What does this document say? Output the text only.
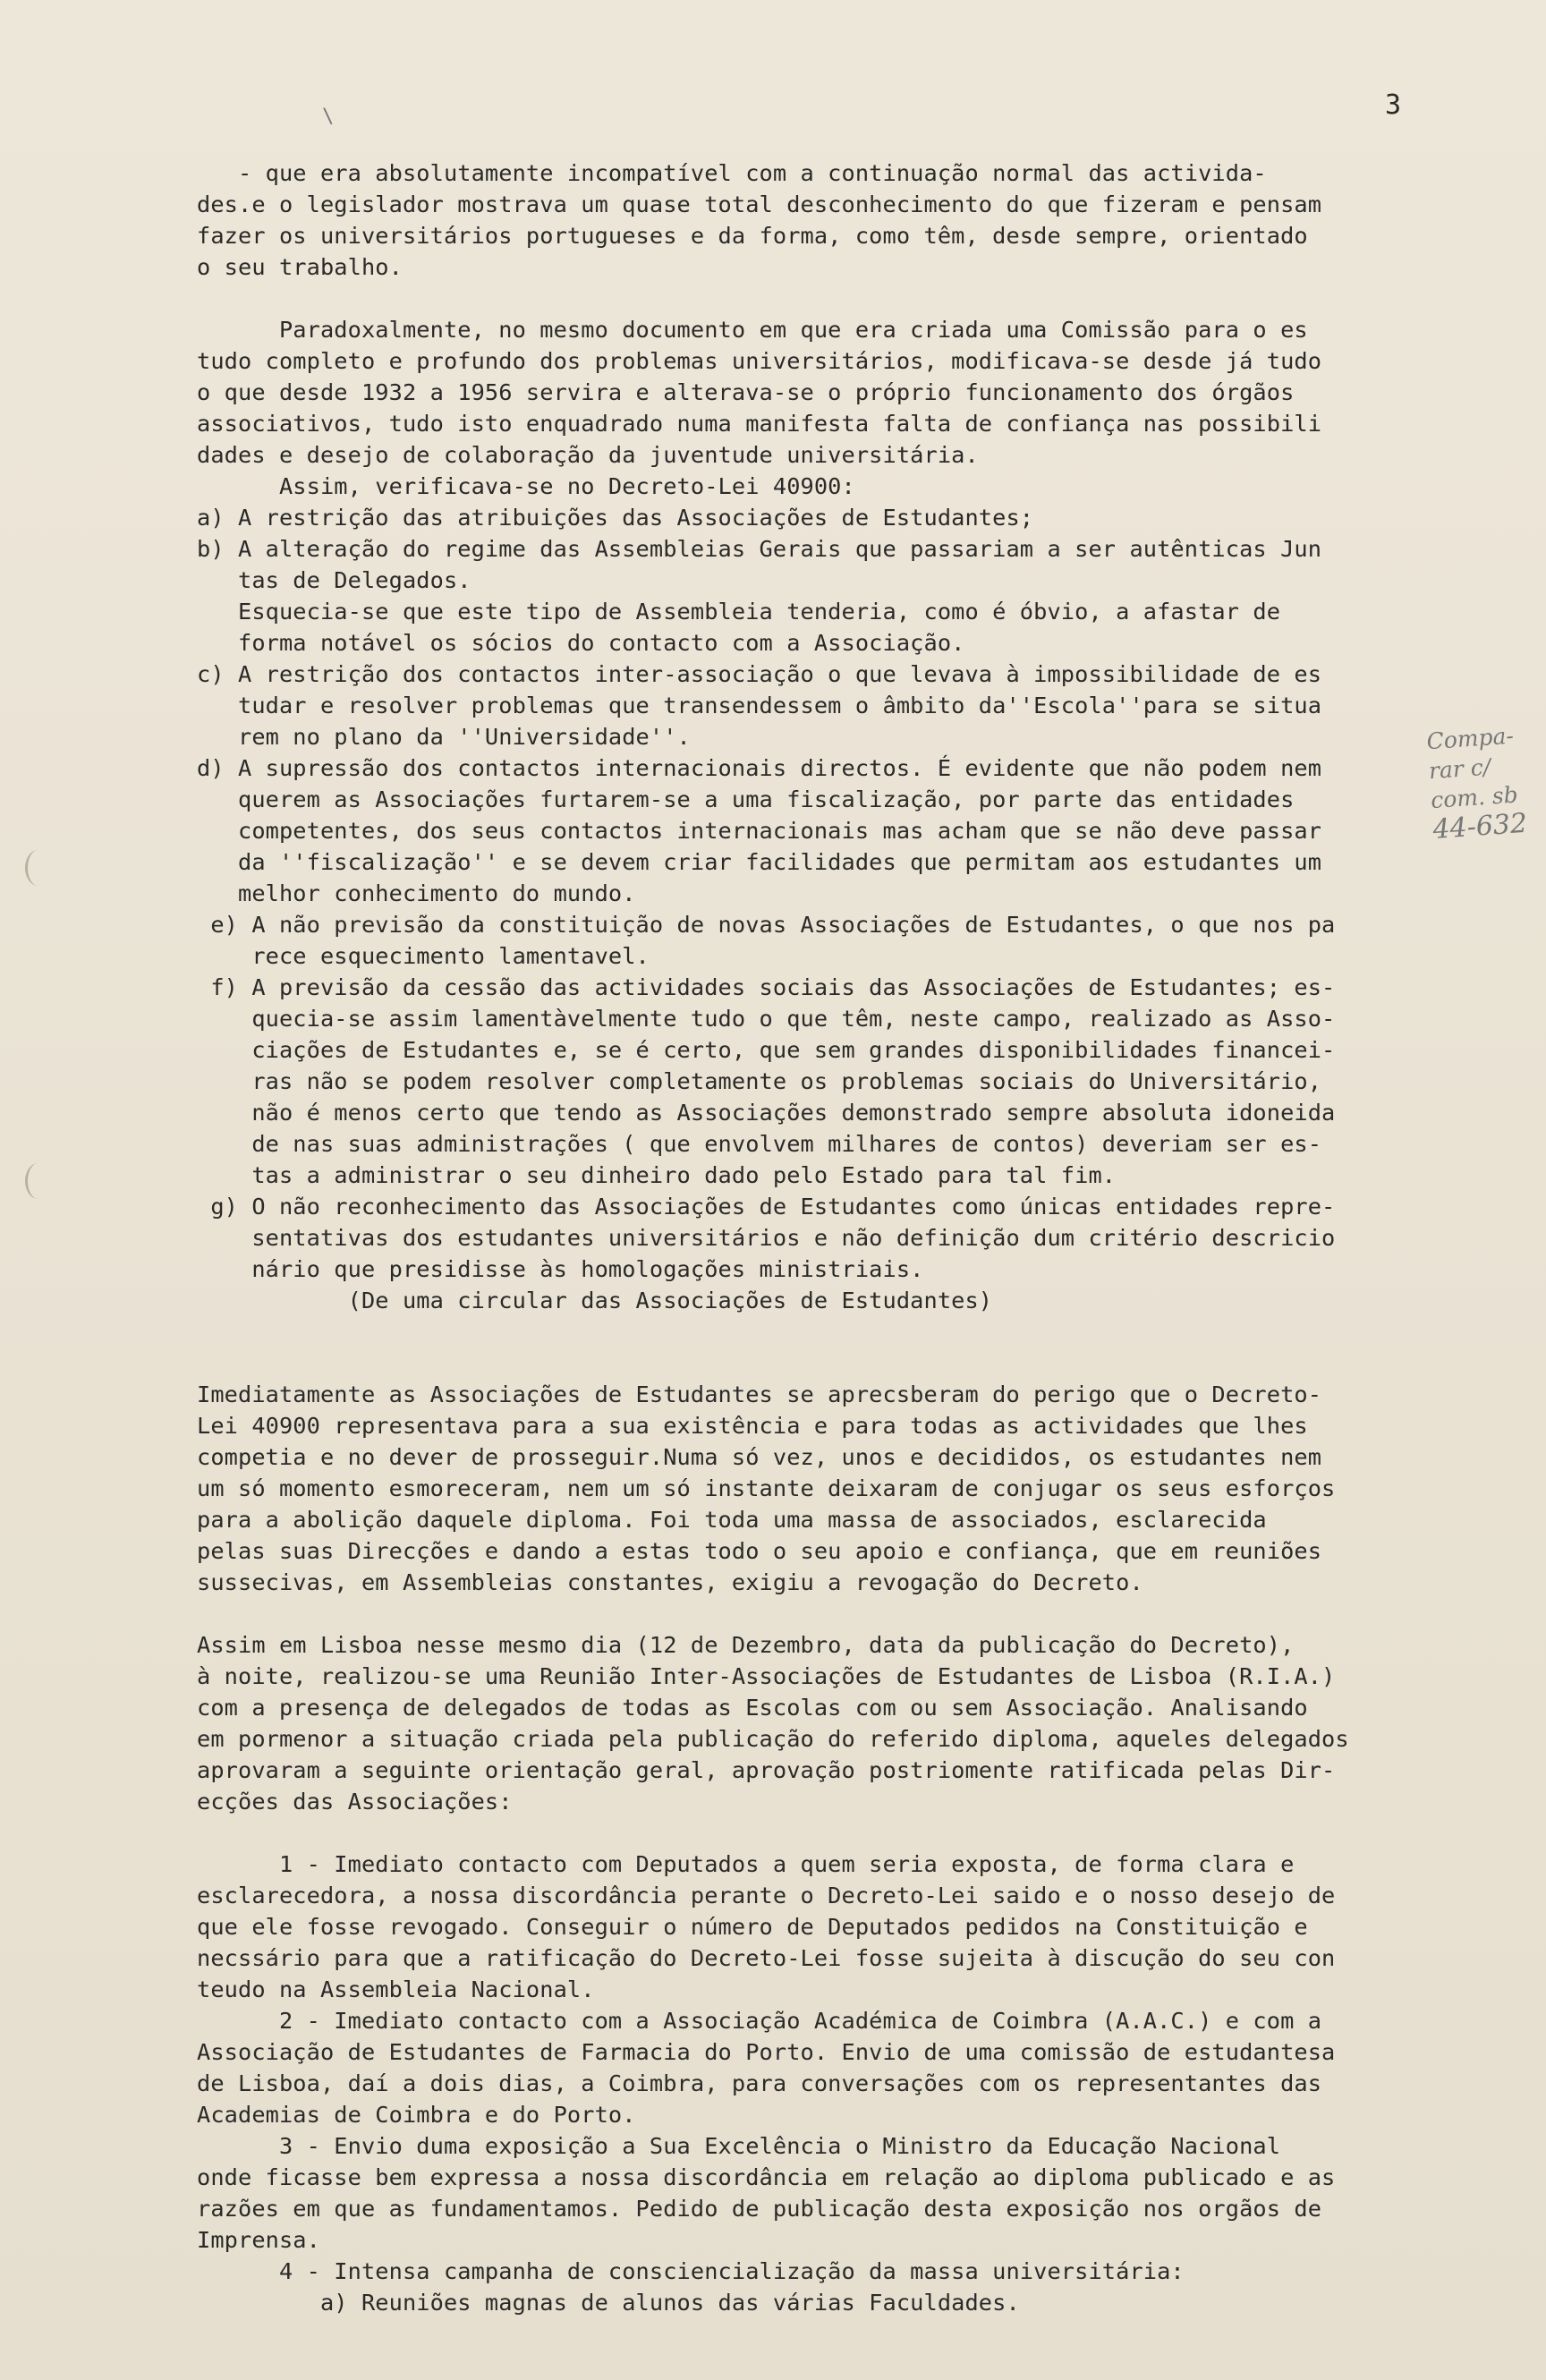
\	3
Compa-
rar c/
com. sb
44-632
- que era absolutamente incompatível com a continuação normal das activida-
des.e o legislador mostrava um quase total desconhecimento do que fizeram e pensam
fazer os universitários portugueses e da forma, como têm, desde sempre, orientado
o seu trabalho.
Paradoxalmente, no mesmo documento em que era criada uma Comissão para o es
tudo completo e profundo dos problemas universitários, modificava-se desde já tudo
o que desde 1932 a 1956 servira e alterava-se o próprio funcionamento dos órgãos
associativos, tudo isto enquadrado numa manifesta falta de confiança nas possibili
dades e desejo de colaboração da juventude universitária.
Assim, verificava-se no Decreto-Lei 40900:
a) A restrição das atribuições das Associações de Estudantes;
b) A alteração do regime das Assembleias Gerais que passariam a ser autênticas Jun
tas de Delegados.
Esquecia-se que este tipo de Assembleia tenderia, como é óbvio, a afastar de
forma notável os sócios do contacto com a Associação.
c) A restrição dos contactos inter-associação o que levava à impossibilidade de es
tudar e resolver problemas que transendessem o âmbito da''Escola''para se situa
rem no plano da ''Universidade''.
d) A supressão dos contactos internacionais directos. É evidente que não podem nem
querem as Associações furtarem-se a uma fiscalização, por parte das entidades
competentes, dos seus contactos internacionais mas acham que se não deve passar
da ''fiscalização'' e se devem criar facilidades que permitam aos estudantes um
melhor conhecimento do mundo.
e) A não previsão da constituição de novas Associações de Estudantes, o que nos pa
rece esquecimento lamentavel.
f) A previsão da cessão das actividades sociais das Associações de Estudantes; es-
quecia-se assim lamentàvelmente tudo o que têm, neste campo, realizado as Asso-
ciações de Estudantes e, se é certo, que sem grandes disponibilidades financei-
ras não se podem resolver completamente os problemas sociais do Universitário,
não é menos certo que tendo as Associações demonstrado sempre absoluta idoneida
de nas suas administrações ( que envolvem milhares de contos) deveriam ser es-
tas a administrar o seu dinheiro dado pelo Estado para tal fim.
g) O não reconhecimento das Associações de Estudantes como únicas entidades repre-
sentativas dos estudantes universitários e não definição dum critério descricio
nário que presidisse às homologações ministriais.
(De uma circular das Associações de Estudantes)
Imediatamente as Associações de Estudantes se aprecsberam do perigo que o Decreto-
Lei 40900 representava para a sua existência e para todas as actividades que lhes
competia e no dever de prosseguir.Numa só vez, unos e decididos, os estudantes nem
um só momento esmoreceram, nem um só instante deixaram de conjugar os seus esforços
para a abolição daquele diploma. Foi toda uma massa de associados, esclarecida
pelas suas Direcções e dando a estas todo o seu apoio e confiança, que em reuniões
sussecivas, em Assembleias constantes, exigiu a revogação do Decreto.
Assim em Lisboa nesse mesmo dia (12 de Dezembro, data da publicação do Decreto),
à noite, realizou-se uma Reunião Inter-Associações de Estudantes de Lisboa (R.I.A.)
com a presença de delegados de todas as Escolas com ou sem Associação. Analisando
em pormenor a situação criada pela publicação do referido diploma, aqueles delegados
aprovaram a seguinte orientação geral, aprovação postriomente ratificada pelas Dir-
ecções das Associações:
1 - Imediato contacto com Deputados a quem seria exposta, de forma clara e
esclarecedora, a nossa discordância perante o Decreto-Lei saido e o nosso desejo de
que ele fosse revogado. Conseguir o número de Deputados pedidos na Constituição e
necssário para que a ratificação do Decreto-Lei fosse sujeita à discução do seu con
teudo na Assembleia Nacional.
2 - Imediato contacto com a Associação Académica de Coimbra (A.A.C.) e com a
Associação de Estudantes de Farmacia do Porto. Envio de uma comissão de estudantesa
de Lisboa, daí a dois dias, a Coimbra, para conversações com os representantes das
Academias de Coimbra e do Porto.
3 - Envio duma exposição a Sua Excelência o Ministro da Educação Nacional
onde ficasse bem expressa a nossa discordância em relação ao diploma publicado e as
razões em que as fundamentamos. Pedido de publicação desta exposição nos orgãos de
Imprensa.
4 - Intensa campanha de consciencialização da massa universitária:
a) Reuniões magnas de alunos das várias Faculdades.
